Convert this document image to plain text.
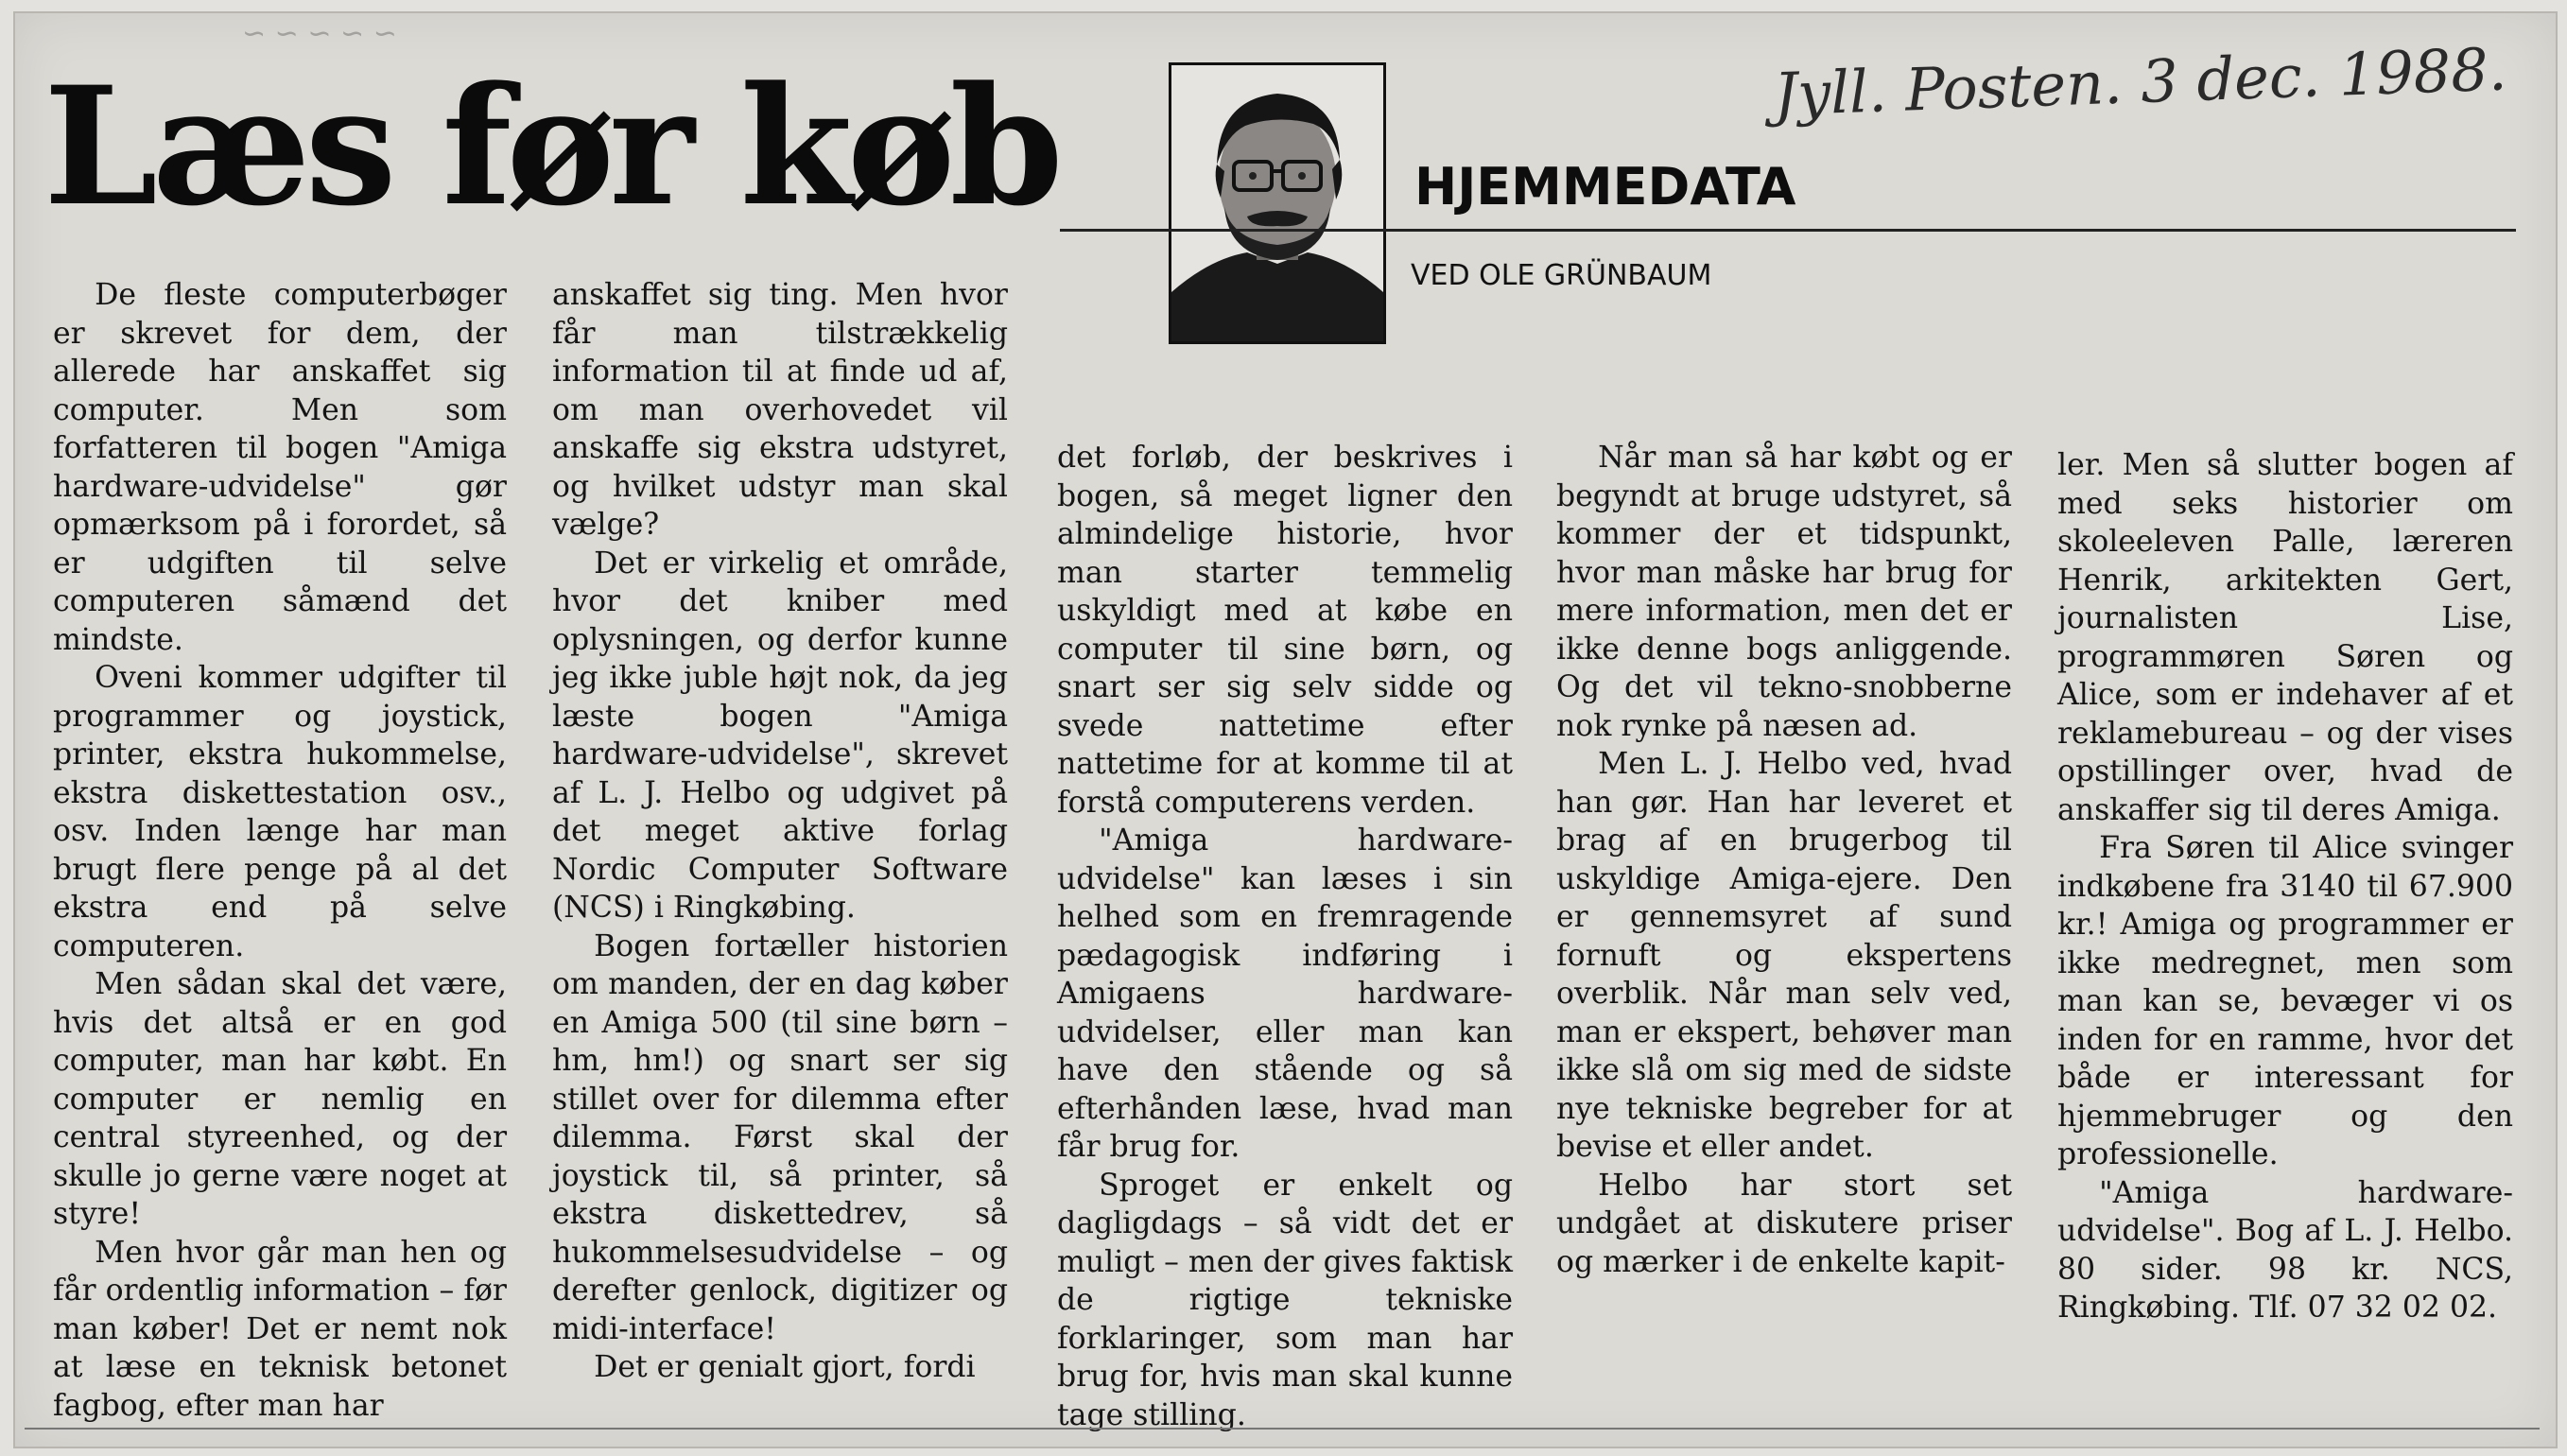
~ ~ ~ ~ ~
Læs før køb	HJEMMEDATA
VED OLE GRÜNBAUM
Jyll. Posten. 3 dec. 1988.

De fleste computerbøger er skrevet for dem, der allerede har anskaffet sig computer. Men som forfatteren til bogen "Amiga hardware-udvidelse" gør opmærksom på i forordet, så er udgiften til selve computeren såmænd det mindste.

Oveni kommer udgifter til programmer og joystick, printer, ekstra hukommelse, ekstra diskettestation osv., osv. Inden længe har man brugt flere penge på al det ekstra end på selve computeren.

Men sådan skal det være, hvis det altså er en god computer, man har købt. En computer er nemlig en central styreenhed, og der skulle jo gerne være noget at styre!

Men hvor går man hen og får ordentlig information – før man køber! Det er nemt nok at læse en teknisk betonet fagbog, efter man har

anskaffet sig ting. Men hvor får man tilstrækkelig information til at finde ud af, om man overhovedet vil anskaffe sig ekstra udstyret, og hvilket udstyr man skal vælge?

Det er virkelig et område, hvor det kniber med oplysningen, og derfor kunne jeg ikke juble højt nok, da jeg læste bogen "Amiga hardware-udvidelse", skrevet af L. J. Helbo og udgivet på det meget aktive forlag Nordic Computer Software (NCS) i Ringkøbing.

Bogen fortæller historien om manden, der en dag køber en Amiga 500 (til sine børn – hm, hm!) og snart ser sig stillet over for dilemma efter dilemma. Først skal der joystick til, så printer, så ekstra diskettedrev, så hukommelsesudvidelse – og derefter genlock, digitizer og midi-interface!

Det er genialt gjort, fordi

det forløb, der beskrives i bogen, så meget ligner den almindelige historie, hvor man starter temmelig uskyldigt med at købe en computer til sine børn, og snart ser sig selv sidde og svede nattetime efter nattetime for at komme til at forstå computerens verden.

"Amiga hardware-udvidelse" kan læses i sin helhed som en fremragende pædagogisk indføring i Amigaens hardware-udvidelser, eller man kan have den stående og så efterhånden læse, hvad man får brug for.

Sproget er enkelt og dagligdags – så vidt det er muligt – men der gives faktisk de rigtige tekniske forklaringer, som man har brug for, hvis man skal kunne tage stilling.

Når man så har købt og er begyndt at bruge udstyret, så kommer der et tidspunkt, hvor man måske har brug for mere information, men det er ikke denne bogs anliggende. Og det vil tekno-snobberne nok rynke på næsen ad.

Men L. J. Helbo ved, hvad han gør. Han har leveret et brag af en brugerbog til uskyldige Amiga-ejere. Den er gennemsyret af sund fornuft og ekspertens overblik. Når man selv ved, man er ekspert, behøver man ikke slå om sig med de sidste nye tekniske begreber for at bevise et eller andet.

Helbo har stort set undgået at diskutere priser og mærker i de enkelte kapit-

ler. Men så slutter bogen af med seks historier om skoleeleven Palle, læreren Henrik, arkitekten Gert, journalisten Lise, programmøren Søren og Alice, som er indehaver af et reklamebureau – og der vises opstillinger over, hvad de anskaffer sig til deres Amiga.

Fra Søren til Alice svinger indkøbene fra 3140 til 67.900 kr.! Amiga og programmer er ikke medregnet, men som man kan se, bevæger vi os inden for en ramme, hvor det både er interessant for hjemmebruger og den professionelle.

"Amiga hardware-udvidelse". Bog af L. J. Helbo. 80 sider. 98 kr. NCS, Ringkøbing. Tlf. 07 32 02 02.
